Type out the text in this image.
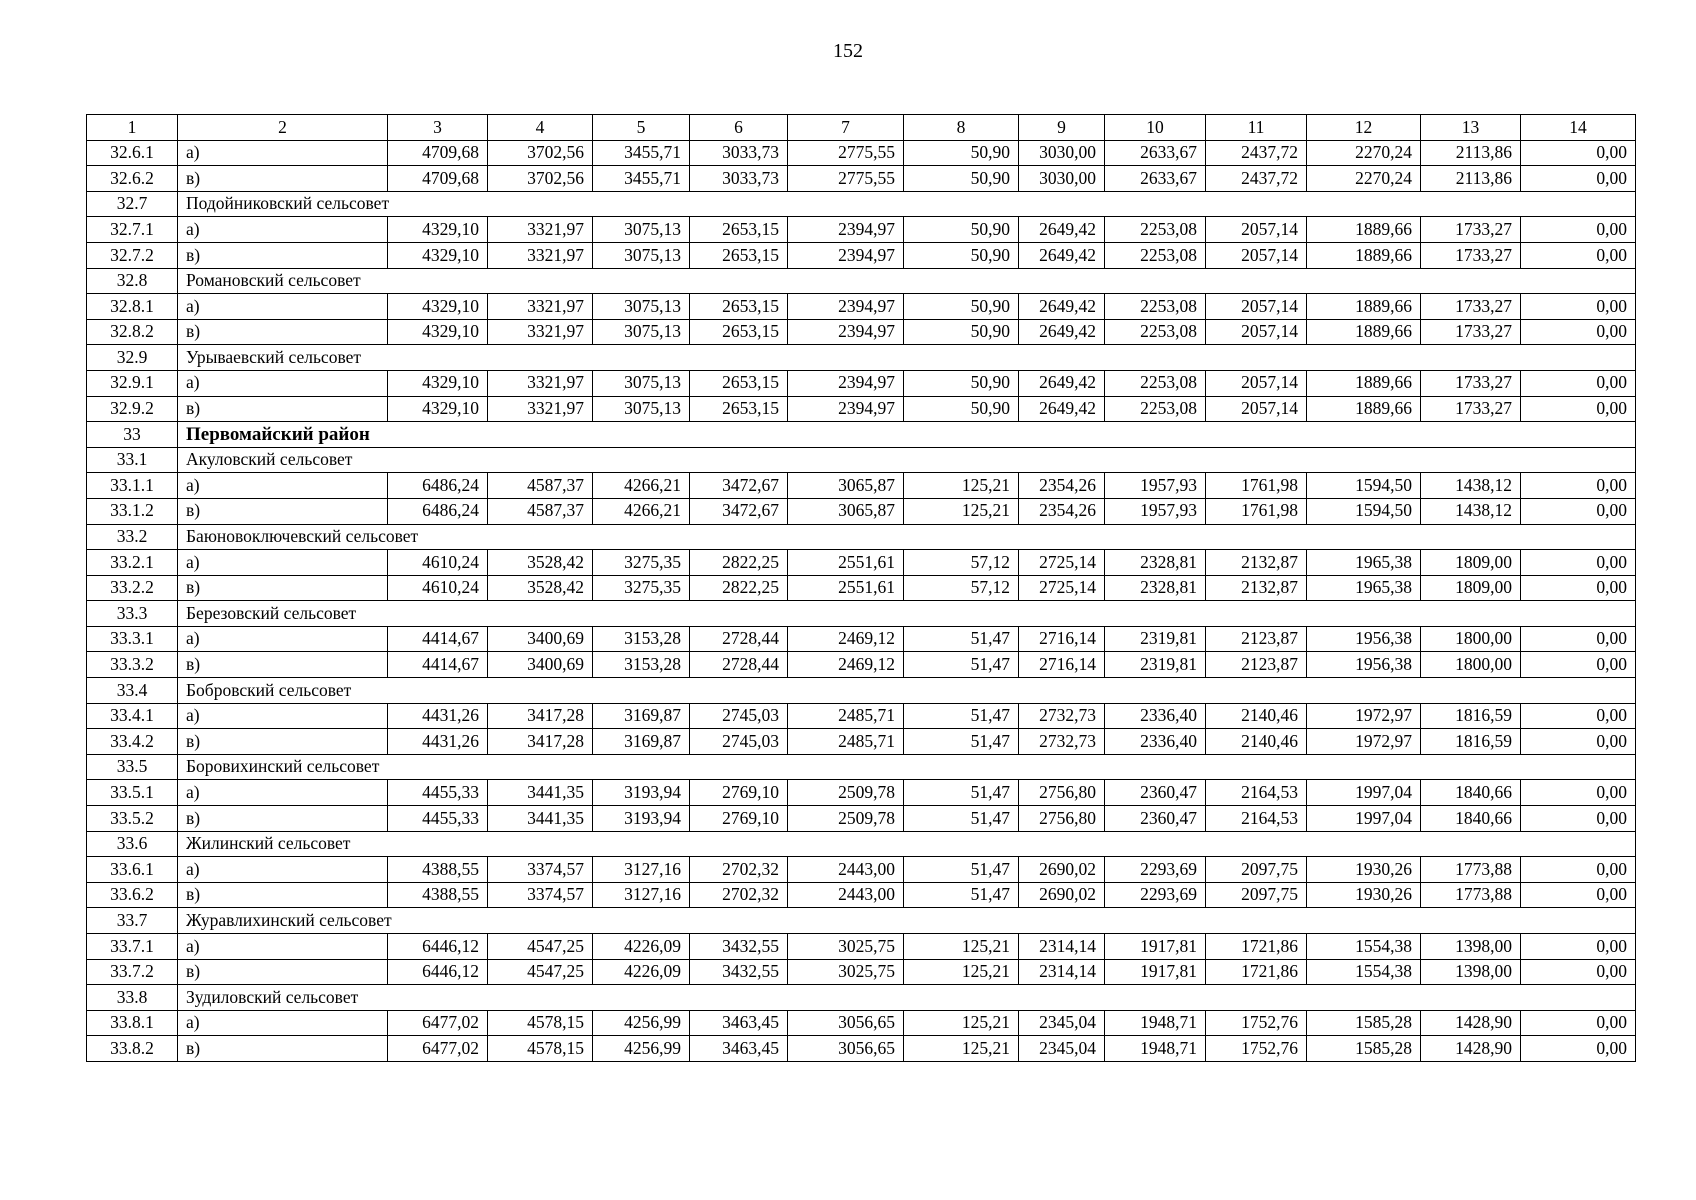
152
1	2	3	4	5	6	7	8	9	10	11	12	13	14
32.6.1	а)	4709,68	3702,56	3455,71	3033,73	2775,55	50,90	3030,00	2633,67	2437,72	2270,24	2113,86	0,00
32.6.2	в)	4709,68	3702,56	3455,71	3033,73	2775,55	50,90	3030,00	2633,67	2437,72	2270,24	2113,86	0,00
32.7	Подойниковский сельсовет												
32.7.1	а)	4329,10	3321,97	3075,13	2653,15	2394,97	50,90	2649,42	2253,08	2057,14	1889,66	1733,27	0,00
32.7.2	в)	4329,10	3321,97	3075,13	2653,15	2394,97	50,90	2649,42	2253,08	2057,14	1889,66	1733,27	0,00
32.8	Романовский сельсовет												
32.8.1	а)	4329,10	3321,97	3075,13	2653,15	2394,97	50,90	2649,42	2253,08	2057,14	1889,66	1733,27	0,00
32.8.2	в)	4329,10	3321,97	3075,13	2653,15	2394,97	50,90	2649,42	2253,08	2057,14	1889,66	1733,27	0,00
32.9	Урываевский сельсовет												
32.9.1	а)	4329,10	3321,97	3075,13	2653,15	2394,97	50,90	2649,42	2253,08	2057,14	1889,66	1733,27	0,00
32.9.2	в)	4329,10	3321,97	3075,13	2653,15	2394,97	50,90	2649,42	2253,08	2057,14	1889,66	1733,27	0,00
33	Первомайский район												
33.1	Акуловский сельсовет												
33.1.1	а)	6486,24	4587,37	4266,21	3472,67	3065,87	125,21	2354,26	1957,93	1761,98	1594,50	1438,12	0,00
33.1.2	в)	6486,24	4587,37	4266,21	3472,67	3065,87	125,21	2354,26	1957,93	1761,98	1594,50	1438,12	0,00
33.2	Баюновоключевский сельсовет												
33.2.1	а)	4610,24	3528,42	3275,35	2822,25	2551,61	57,12	2725,14	2328,81	2132,87	1965,38	1809,00	0,00
33.2.2	в)	4610,24	3528,42	3275,35	2822,25	2551,61	57,12	2725,14	2328,81	2132,87	1965,38	1809,00	0,00
33.3	Березовский сельсовет												
33.3.1	а)	4414,67	3400,69	3153,28	2728,44	2469,12	51,47	2716,14	2319,81	2123,87	1956,38	1800,00	0,00
33.3.2	в)	4414,67	3400,69	3153,28	2728,44	2469,12	51,47	2716,14	2319,81	2123,87	1956,38	1800,00	0,00
33.4	Бобровский сельсовет												
33.4.1	а)	4431,26	3417,28	3169,87	2745,03	2485,71	51,47	2732,73	2336,40	2140,46	1972,97	1816,59	0,00
33.4.2	в)	4431,26	3417,28	3169,87	2745,03	2485,71	51,47	2732,73	2336,40	2140,46	1972,97	1816,59	0,00
33.5	Боровихинский сельсовет												
33.5.1	а)	4455,33	3441,35	3193,94	2769,10	2509,78	51,47	2756,80	2360,47	2164,53	1997,04	1840,66	0,00
33.5.2	в)	4455,33	3441,35	3193,94	2769,10	2509,78	51,47	2756,80	2360,47	2164,53	1997,04	1840,66	0,00
33.6	Жилинский сельсовет												
33.6.1	а)	4388,55	3374,57	3127,16	2702,32	2443,00	51,47	2690,02	2293,69	2097,75	1930,26	1773,88	0,00
33.6.2	в)	4388,55	3374,57	3127,16	2702,32	2443,00	51,47	2690,02	2293,69	2097,75	1930,26	1773,88	0,00
33.7	Журавлихинский сельсовет												
33.7.1	а)	6446,12	4547,25	4226,09	3432,55	3025,75	125,21	2314,14	1917,81	1721,86	1554,38	1398,00	0,00
33.7.2	в)	6446,12	4547,25	4226,09	3432,55	3025,75	125,21	2314,14	1917,81	1721,86	1554,38	1398,00	0,00
33.8	Зудиловский сельсовет												
33.8.1	а)	6477,02	4578,15	4256,99	3463,45	3056,65	125,21	2345,04	1948,71	1752,76	1585,28	1428,90	0,00
33.8.2	в)	6477,02	4578,15	4256,99	3463,45	3056,65	125,21	2345,04	1948,71	1752,76	1585,28	1428,90	0,00
